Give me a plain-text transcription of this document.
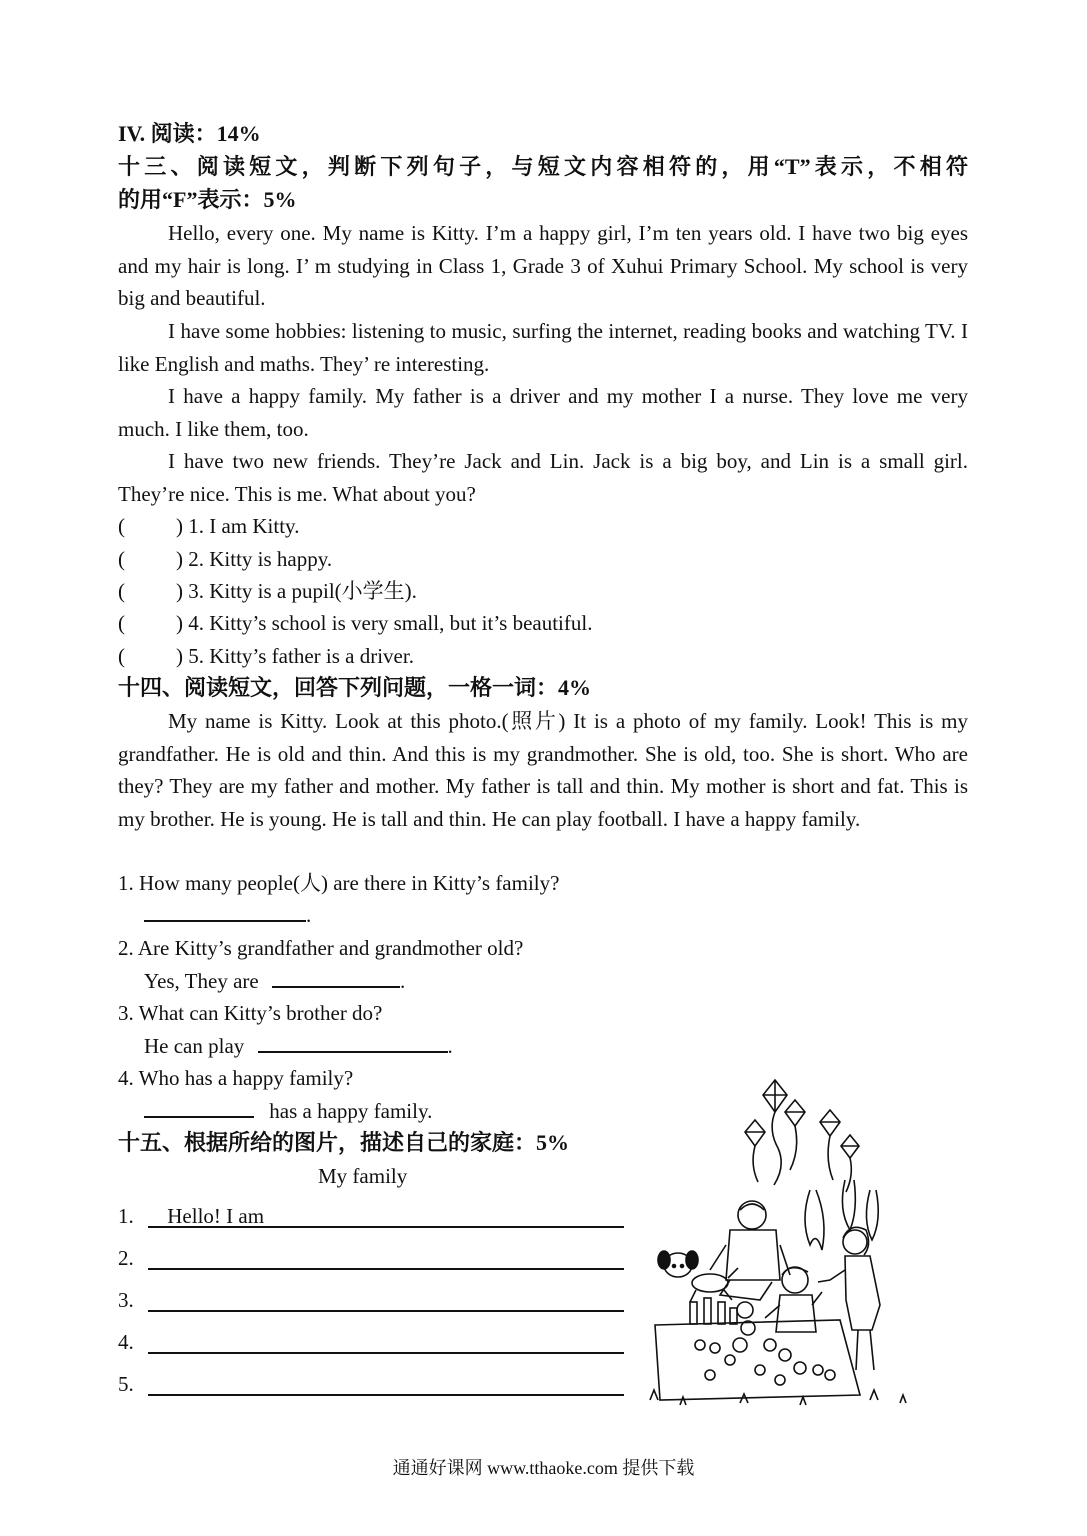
IV. 阅读：14%
十三、阅读短文，判断下列句子，与短文内容相符的，用“T”表示，不相符
的用“F”表示：5%
Hello, every one. My name is Kitty. I’m a happy girl, I’m ten years old. I have two big eyes and my hair is long. I’ m studying in Class 1, Grade 3 of Xuhui Primary School. My school is very big and beautiful.
I have some hobbies: listening to music, surfing the internet, reading books and watching TV. I like English and maths. They’ re interesting.
I have a happy family. My father is a driver and my mother I a nurse. They love me very much. I like them, too.
I have two new friends. They’re Jack and Lin. Jack is a big boy, and Lin is a small girl. They’re nice. This is me. What about you?
( ) 1. I am Kitty.
( ) 2. Kitty is happy.
( ) 3. Kitty is a pupil(小学生).
( ) 4. Kitty’s school is very small, but it’s beautiful.
( ) 5. Kitty’s father is a driver.
十四、阅读短文，回答下列问题，一格一词：4%
My name is Kitty. Look at this photo.(照片) It is a photo of my family. Look! This is my grandfather. He is old and thin. And this is my grandmother. She is old, too. She is short. Who are they? They are my father and mother. My father is tall and thin. My mother is short and fat. This is my brother. He is young. He is tall and thin. He can play football. I have a happy family.
1. How many people(人) are there in Kitty’s family?
.
2. Are Kitty’s grandfather and grandmother old?
Yes, They are	.
3. What can Kitty’s brother do?
He can play	.
4. Who has a happy family?
has a happy family.
十五、根据所给的图片，描述自己的家庭：5%
My family
1. Hello! I am
2.
3.
4.
5.
通通好课网 www.tthaoke.com 提供下载
